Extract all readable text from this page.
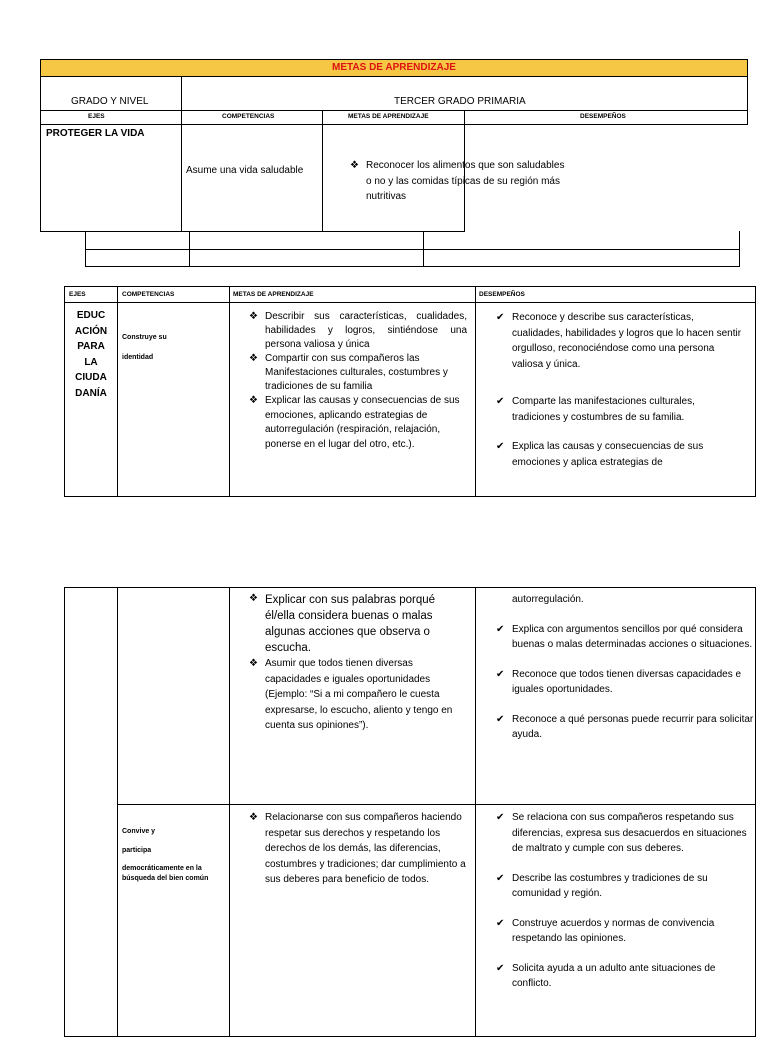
METAS DE APRENDIZAJE
GRADO Y NIVEL	TERCER GRADO PRIMARIA
EJES	COMPETENCIAS	METAS DE APRENDIZAJE	DESEMPEÑOS
PROTEGER LA VIDA
Asume una vida saludable
❖	Reconocer los alimentos que son saludables o no y las comidas típicas de su región más nutritivas
EJES	COMPETENCIAS	METAS DE APRENDIZAJE	DESEMPEÑOS
EDUC ACIÓN PARA LA CIUDA DANÍA
Construye su identidad
❖ Describir sus características, cualidades, habilidades y logros, sintiéndose una persona valiosa y única
❖ Compartir con sus compañeros las Manifestaciones culturales, costumbres y tradiciones de su familia
❖ Explicar las causas y consecuencias de sus emociones, aplicando estrategias de autorregulación (respiración, relajación, ponerse en el lugar del otro, etc.).
✔ Reconoce y describe sus características, cualidades, habilidades y logros que lo hacen sentir orgulloso, reconociéndose como una persona valiosa y única.
✔ Comparte las manifestaciones culturales, tradiciones y costumbres de su familia.
✔ Explica las causas y consecuencias de sus emociones y aplica estrategias de
❖ Explicar con sus palabras porqué él/ella considera buenas o malas algunas acciones que observa o escucha.
❖ Asumir que todos tienen diversas capacidades e iguales oportunidades (Ejemplo: “Si a mi compañero le cuesta expresarse, lo escucho, aliento y tengo en cuenta sus opiniones”).
autorregulación.
✔ Explica con argumentos sencillos por qué considera buenas o malas determinadas acciones o situaciones.
✔ Reconoce que todos tienen diversas capacidades e iguales oportunidades.
✔ Reconoce a qué personas puede recurrir para solicitar ayuda.
Convive y
participa
democráticamente en la búsqueda del bien común
❖ Relacionarse con sus compañeros haciendo respetar sus derechos y respetando los derechos de los demás, las diferencias, costumbres y tradiciones; dar cumplimiento a sus deberes para beneficio de todos.
✔ Se relaciona con sus compañeros respetando sus diferencias, expresa sus desacuerdos en situaciones de maltrato y cumple con sus deberes.
✔ Describe las costumbres y tradiciones de su comunidad y región.
✔ Construye acuerdos y normas de convivencia respetando las opiniones.
✔ Solicita ayuda a un adulto ante situaciones de conflicto.
